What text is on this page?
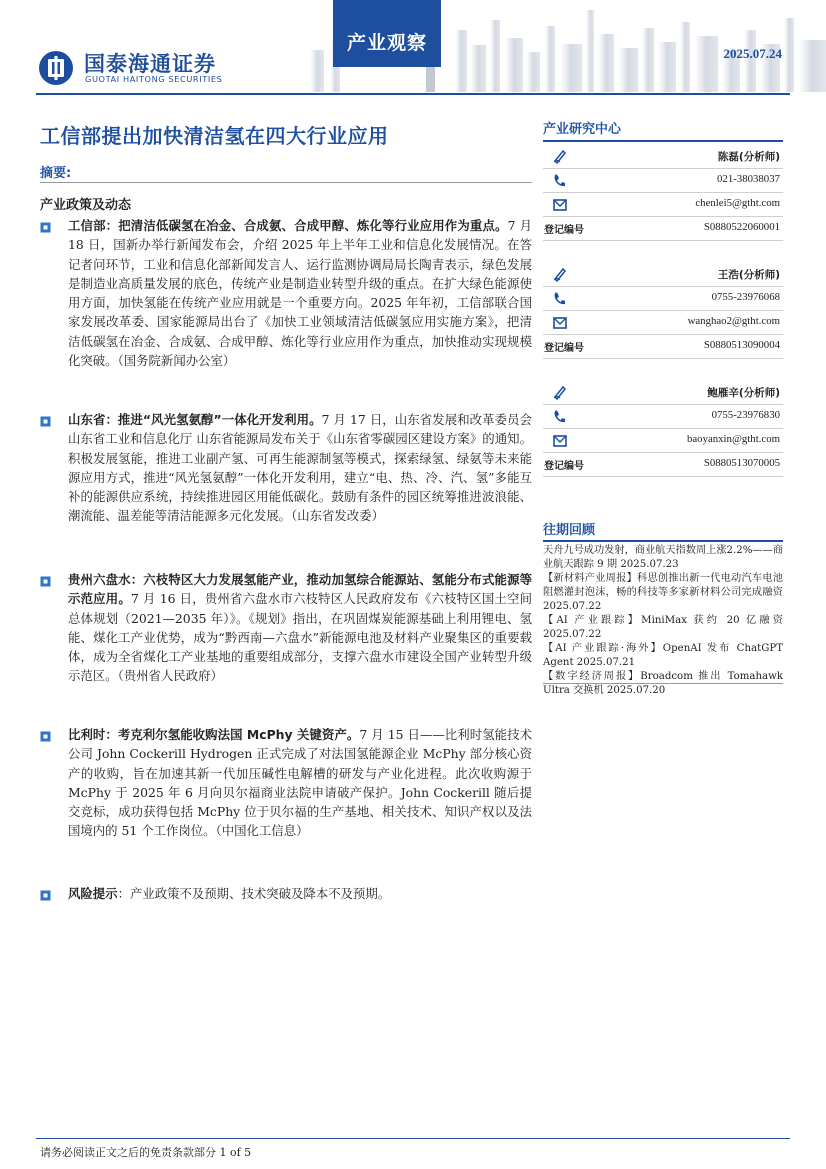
国泰海通证券
GUOTAI HAITONG SECURITIES
产业观察	2025.07.24
工信部提出加快清洁氢在四大行业应用
摘要:
产业政策及动态
工信部：把清洁低碳氢在冶金、合成氨、合成甲醇、炼化等行业应用作为重点。7 月 18 日，国新办举行新闻发布会，介绍 2025 年上半年工业和信息化发展情况。在答记者问环节，工业和信息化部新闻发言人、运行监测协调局局长陶青表示，绿色发展是制造业高质量发展的底色，传统产业是制造业转型升级的重点。在扩大绿色能源使用方面，加快氢能在传统产业应用就是一个重要方向。2025 年年初，工信部联合国家发展改革委、国家能源局出台了《加快工业领域清洁低碳氢应用实施方案》，把清洁低碳氢在冶金、合成氨、合成甲醇、炼化等行业应用作为重点，加快推动实现规模化突破。（国务院新闻办公室）
山东省：推进“风光氢氨醇”一体化开发利用。7 月 17 日，山东省发展和改革委员会 山东省工业和信息化厅 山东省能源局发布关于《山东省零碳园区建设方案》的通知。积极发展氢能，推进工业副产氢、可再生能源制氢等模式，探索绿氢、绿氨等未来能源应用方式，推进“风光氢氨醇”一体化开发利用，建立“电、热、冷、汽、氢”多能互补的能源供应系统，持续推进园区用能低碳化。鼓励有条件的园区统筹推进波浪能、潮流能、温差能等清洁能源多元化发展。（山东省发改委）
贵州六盘水：六枝特区大力发展氢能产业，推动加氢综合能源站、氢能分布式能源等示范应用。7 月 16 日，贵州省六盘水市六枝特区人民政府发布《六枝特区国土空间总体规划（2021—2035 年）》。《规划》指出，在巩固煤炭能源基础上利用锂电、氢能、煤化工产业优势，成为“黔西南—六盘水”新能源电池及材料产业聚集区的重要载体，成为全省煤化工产业基地的重要组成部分，支撑六盘水市建设全国产业转型升级示范区。（贵州省人民政府）
比利时：考克利尔氢能收购法国 McPhy 关键资产。7 月 15 日——比利时氢能技术公司 John Cockerill Hydrogen 正式完成了对法国氢能源企业 McPhy 部分核心资产的收购，旨在加速其新一代加压碱性电解槽的研发与产业化进程。此次收购源于 McPhy 于 2025 年 6 月向贝尔福商业法院申请破产保护。John Cockerill 随后提交竞标，成功获得包括 McPhy 位于贝尔福的生产基地、相关技术、知识产权以及法国境内的 51 个工作岗位。（中国化工信息）
风险提示：产业政策不及预期、技术突破及降本不及预期。
产业研究中心
陈磊(分析师)
021-38038037
chenlei5@gtht.com
登记编号	S0880522060001
王浩(分析师)
0755-23976068
wanghao2@gtht.com
登记编号	S0880513090004
鲍雁辛(分析师)
0755-23976830
baoyanxin@gtht.com
登记编号	S0880513070005
往期回顾
天舟九号成功发射，商业航天指数周上涨2.2%——商业航天跟踪 9 期 2025.07.23
【新材料产业周报】科思创推出新一代电动汽车电池阻燃灌封泡沫，畅的科技等多家新材料公司完成融资 2025.07.22
【AI 产业跟踪】MiniMax 获约 20 亿融资 2025.07.22
【AI 产业跟踪·海外】OpenAI 发布 ChatGPT Agent 2025.07.21
【数字经济周报】Broadcom 推出 Tomahawk Ultra 交换机 2025.07.20
请务必阅读正文之后的免责条款部分 1 of 5
